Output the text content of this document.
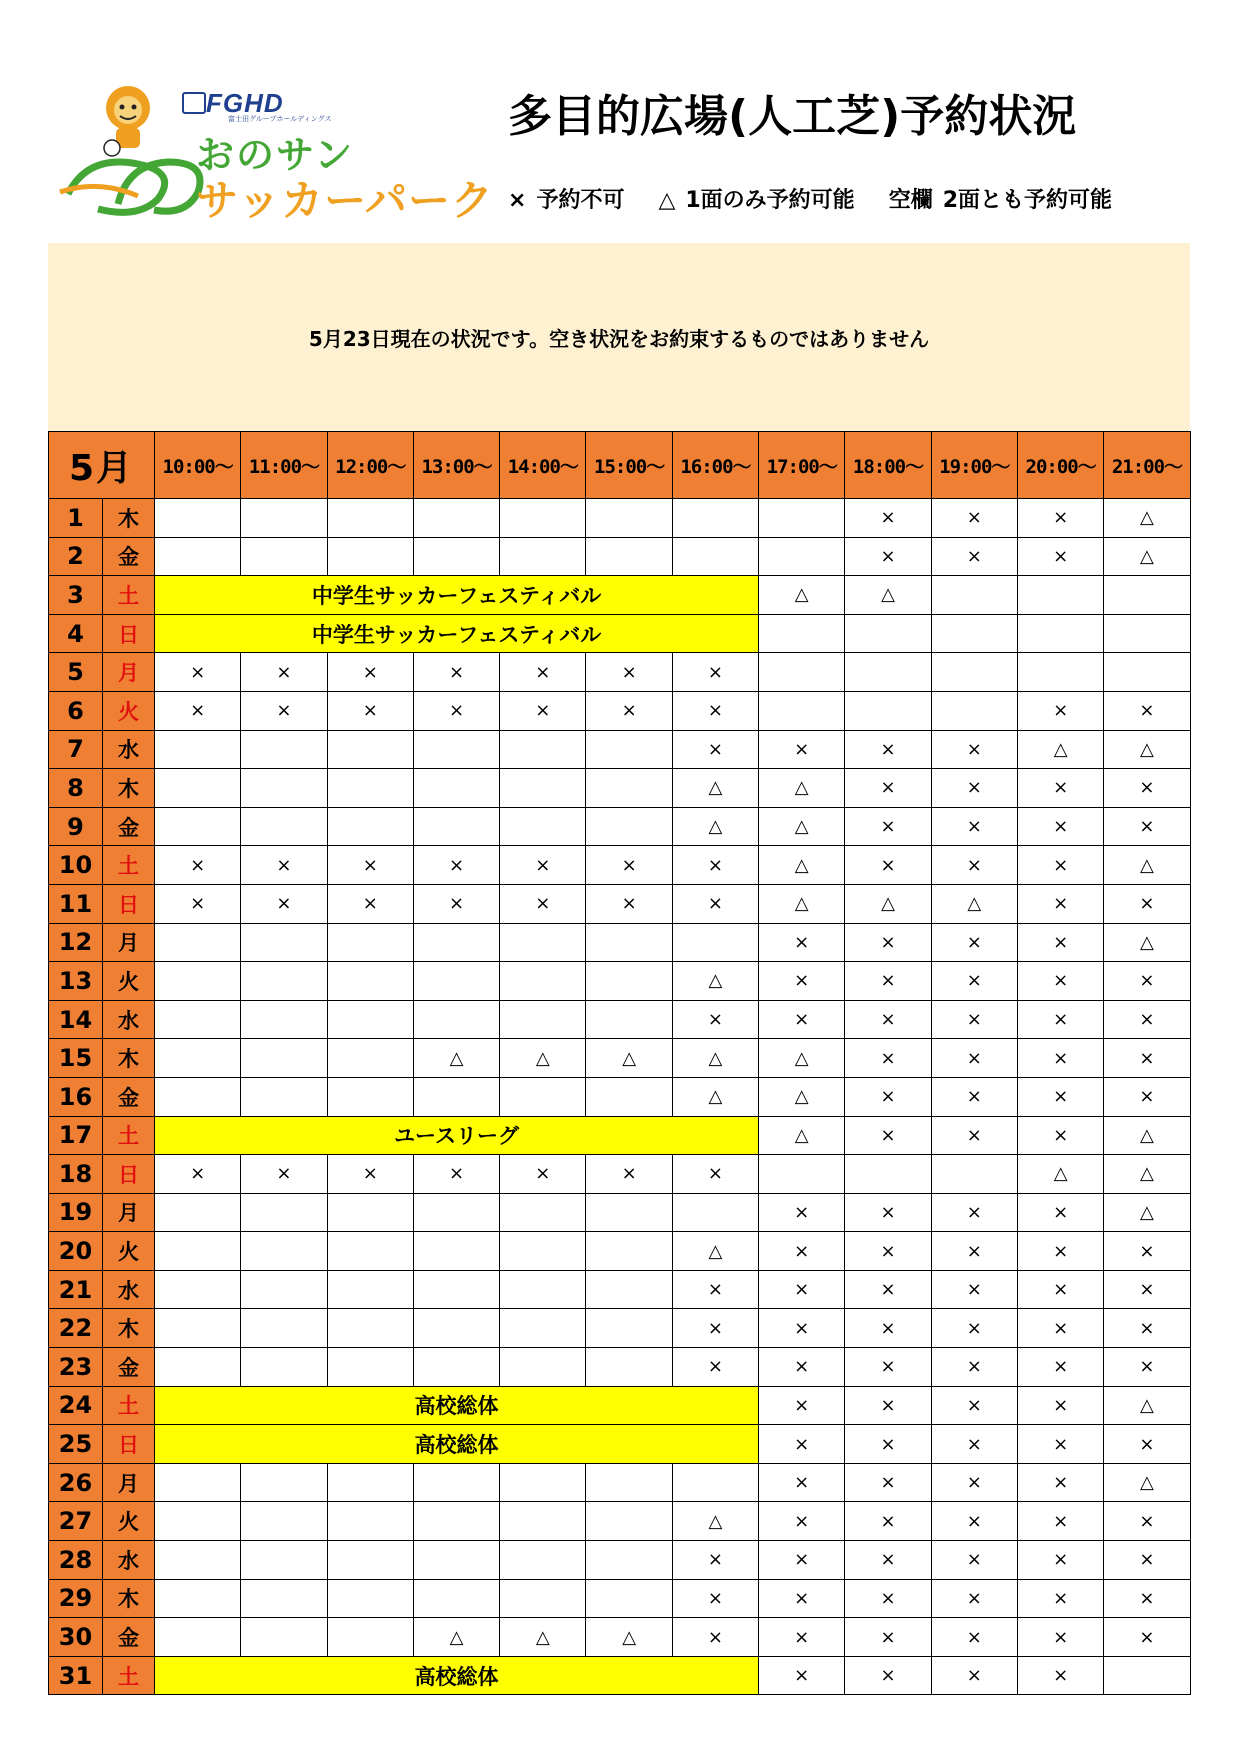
FGHD
富士田グループホールディングス
おのサン
サッカーパーク
多目的広場(人工芝)予約状況
× 予約不可 △ 1面のみ予約可能 空欄 2面とも予約可能
5月23日現在の状況です。空き状況をお約束するものではありません
5月		10:00～	11:00～	12:00～	13:00～	14:00～	15:00～	16:00～	17:00～	18:00～	19:00～	20:00～	21:00～
1	木									×	×	×	△
2	金									×	×	×	△
3	土	中学生サッカーフェスティバル							△	△			
4	日	中学生サッカーフェスティバル											
5	月	×	×	×	×	×	×	×					
6	火	×	×	×	×	×	×	×				×	×
7	水							×	×	×	×	△	△
8	木							△	△	×	×	×	×
9	金							△	△	×	×	×	×
10	土	×	×	×	×	×	×	×	△	×	×	×	△
11	日	×	×	×	×	×	×	×	△	△	△	×	×
12	月								×	×	×	×	△
13	火							△	×	×	×	×	×
14	水							×	×	×	×	×	×
15	木				△	△	△	△	△	×	×	×	×
16	金							△	△	×	×	×	×
17	土	ユースリーグ							△	×	×	×	△
18	日	×	×	×	×	×	×	×				△	△
19	月								×	×	×	×	△
20	火							△	×	×	×	×	×
21	水							×	×	×	×	×	×
22	木							×	×	×	×	×	×
23	金							×	×	×	×	×	×
24	土	高校総体							×	×	×	×	△
25	日	高校総体							×	×	×	×	×
26	月								×	×	×	×	△
27	火							△	×	×	×	×	×
28	水							×	×	×	×	×	×
29	木							×	×	×	×	×	×
30	金				△	△	△	×	×	×	×	×	×
31	土	高校総体							×	×	×	×	
